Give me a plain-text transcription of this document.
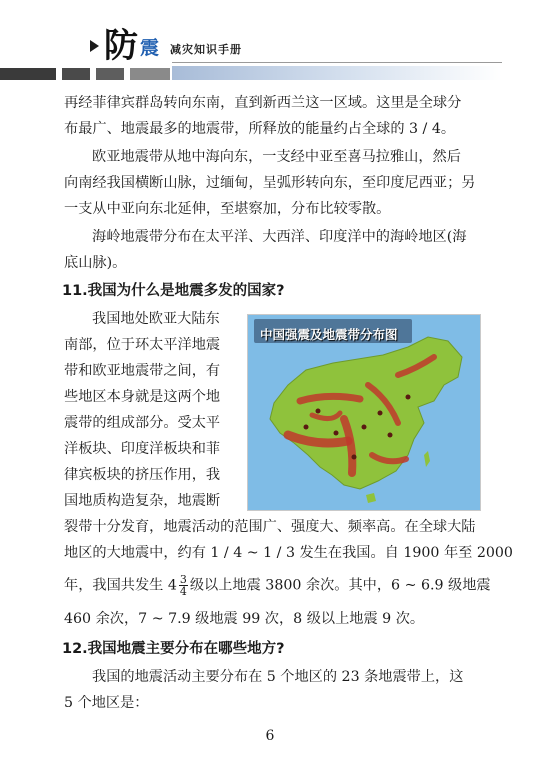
防 震 减灾知识手册

再经菲律宾群岛转向东南，直到新西兰这一区域。这里是全球分

布最广、地震最多的地震带，所释放的能量约占全球的 3 / 4。

欧亚地震带从地中海向东，一支经中亚至喜马拉雅山，然后

向南经我国横断山脉，过缅甸，呈弧形转向东，至印度尼西亚；另

一支从中亚向东北延伸，至堪察加，分布比较零散。

海岭地震带分布在太平洋、大西洋、印度洋中的海岭地区(海

底山脉)。

11.我国为什么是地震多发的国家?

我国地处欧亚大陆东

南部，位于环太平洋地震

带和欧亚地震带之间，有

些地区本身就是这两个地

震带的组成部分。受太平

洋板块、印度洋板块和菲

律宾板块的挤压作用，我

国地质构造复杂，地震断

裂带十分发育，地震活动的范围广、强度大、频率高。在全球大陆

地区的大地震中，约有 1 / 4 ~ 1 / 3 发生在我国。自 1900 年至 2000

年，我国共发生 $4 \frac{3}{4}$ 级以上地震 3800 余次。其中，6 ~ 6.9 级地震

460 余次，7 ~ 7.9 级地震 99 次，8 级以上地震 9 次。

中国强震及地震带分布图
12.我国地震主要分布在哪些地方?

我国的地震活动主要分布在 5 个地区的 23 条地震带上，这

5 个地区是：

6
